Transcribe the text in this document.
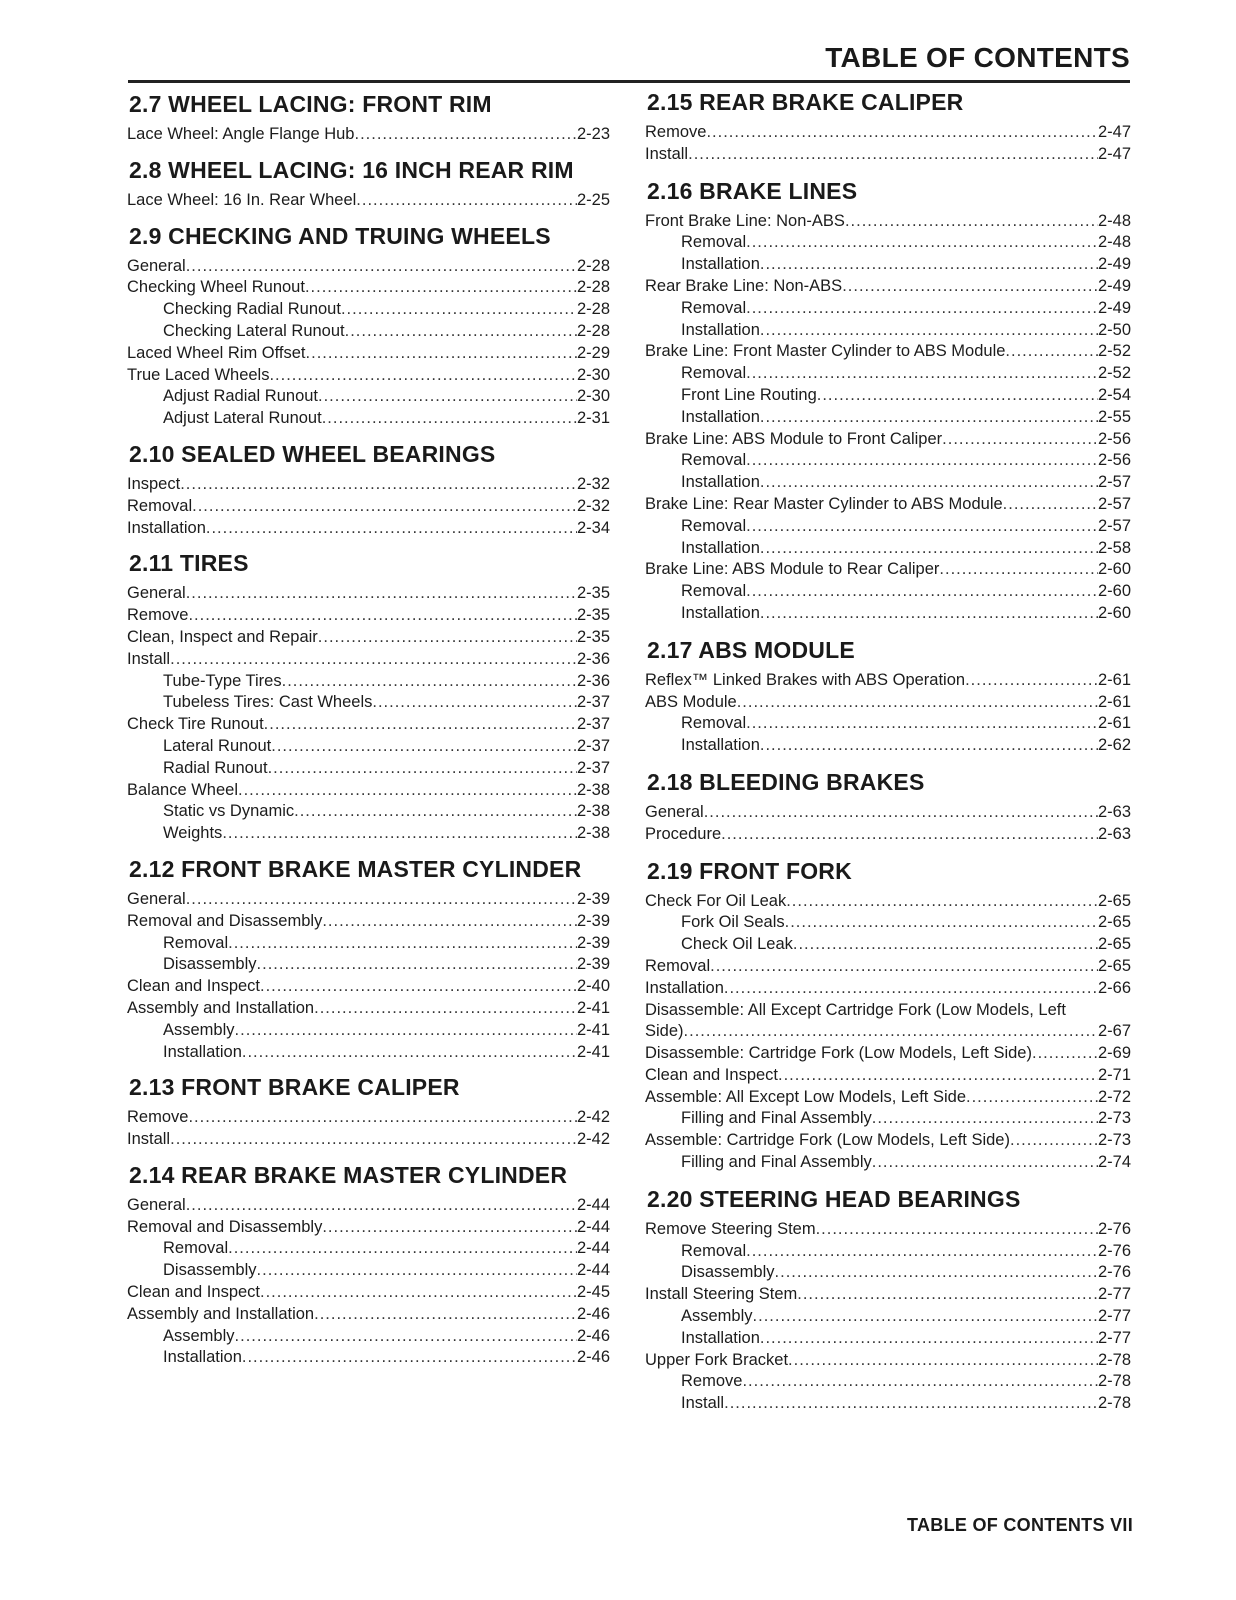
TABLE OF CONTENTS
2.7 WHEEL LACING: FRONT RIM
Lace Wheel: Angle Flange Hub .....	2-23
2.8 WHEEL LACING: 16 INCH REAR RIM
Lace Wheel: 16 In. Rear Wheel .....	2-25
2.9 CHECKING AND TRUING WHEELS
General .....	2-28
Checking Wheel Runout .....	2-28
Checking Radial Runout .....	2-28
Checking Lateral Runout .....	2-28
Laced Wheel Rim Offset .....	2-29
True Laced Wheels .....	2-30
Adjust Radial Runout .....	2-30
Adjust Lateral Runout .....	2-31
2.10 SEALED WHEEL BEARINGS
Inspect .....	2-32
Removal .....	2-32
Installation .....	2-34
2.11 TIRES
General .....	2-35
Remove .....	2-35
Clean, Inspect and Repair .....	2-35
Install .....	2-36
Tube-Type Tires .....	2-36
Tubeless Tires: Cast Wheels .....	2-37
Check Tire Runout .....	2-37
Lateral Runout .....	2-37
Radial Runout .....	2-37
Balance Wheel .....	2-38
Static vs Dynamic .....	2-38
Weights .....	2-38
2.12 FRONT BRAKE MASTER CYLINDER
General .....	2-39
Removal and Disassembly .....	2-39
Removal .....	2-39
Disassembly .....	2-39
Clean and Inspect .....	2-40
Assembly and Installation .....	2-41
Assembly .....	2-41
Installation .....	2-41
2.13 FRONT BRAKE CALIPER
Remove .....	2-42
Install .....	2-42
2.14 REAR BRAKE MASTER CYLINDER
General .....	2-44
Removal and Disassembly .....	2-44
Removal .....	2-44
Disassembly .....	2-44
Clean and Inspect .....	2-45
Assembly and Installation .....	2-46
Assembly .....	2-46
Installation .....	2-46
2.15 REAR BRAKE CALIPER
Remove .....	2-47
Install .....	2-47
2.16 BRAKE LINES
Front Brake Line: Non-ABS .....	2-48
Removal .....	2-48
Installation .....	2-49
Rear Brake Line: Non-ABS .....	2-49
Removal .....	2-49
Installation .....	2-50
Brake Line: Front Master Cylinder to ABS Module .....	2-52
Removal .....	2-52
Front Line Routing .....	2-54
Installation .....	2-55
Brake Line: ABS Module to Front Caliper .....	2-56
Removal .....	2-56
Installation .....	2-57
Brake Line: Rear Master Cylinder to ABS Module .....	2-57
Removal .....	2-57
Installation .....	2-58
Brake Line: ABS Module to Rear Caliper .....	2-60
Removal .....	2-60
Installation .....	2-60
2.17 ABS MODULE
Reflex™ Linked Brakes with ABS Operation .....	2-61
ABS Module .....	2-61
Removal .....	2-61
Installation .....	2-62
2.18 BLEEDING BRAKES
General .....	2-63
Procedure .....	2-63
2.19 FRONT FORK
Check For Oil Leak .....	2-65
Fork Oil Seals .....	2-65
Check Oil Leak .....	2-65
Removal .....	2-65
Installation .....	2-66
Disassemble: All Except Cartridge Fork (Low Models, Left
Side) .....	2-67
Disassemble: Cartridge Fork (Low Models, Left Side) .....	2-69
Clean and Inspect .....	2-71
Assemble: All Except Low Models, Left Side .....	2-72
Filling and Final Assembly .....	2-73
Assemble: Cartridge Fork (Low Models, Left Side) .....	2-73
Filling and Final Assembly .....	2-74
2.20 STEERING HEAD BEARINGS
Remove Steering Stem .....	2-76
Removal .....	2-76
Disassembly .....	2-76
Install Steering Stem .....	2-77
Assembly .....	2-77
Installation .....	2-77
Upper Fork Bracket .....	2-78
Remove .....	2-78
Install .....	2-78
TABLE OF CONTENTS VII
